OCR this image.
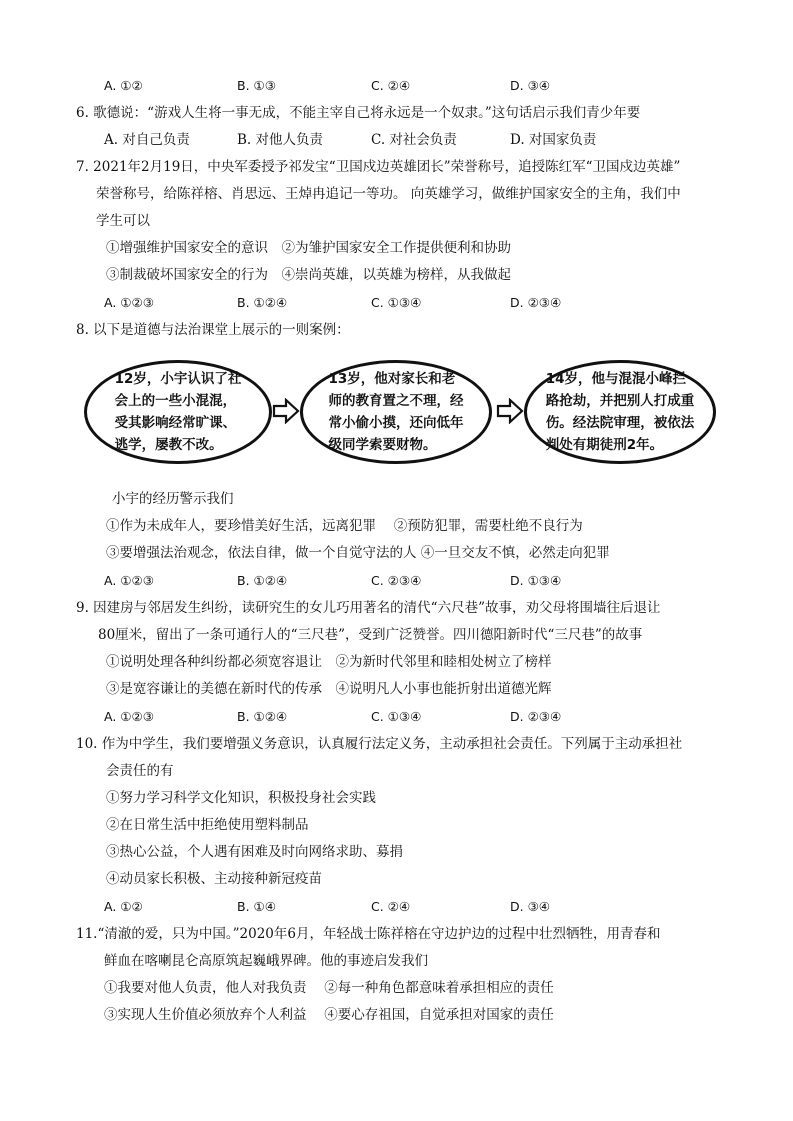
A. ①②	B. ①③	C. ②④	D. ③④
6. 歌德说：“游戏人生将一事无成，不能主宰自己将永远是一个奴隶。”这句话启示我们青少年要
A. 对自己负责	B. 对他人负责	C. 对社会负责	D. 对国家负责
7. 2021年2月19日，中央军委授予祁发宝“卫国戍边英雄团长”荣誉称号，追授陈红军“卫国戍边英雄”
荣誉称号，给陈祥榕、肖思远、王焯冉追记一等功。 向英雄学习，做维护国家安全的主角，我们中
学生可以
①增强维护国家安全的意识　②为雏护国家安全工作提供便利和协助
③制裁破坏国家安全的行为　④崇尚英雄，以英雄为榜样，从我做起
A. ①②③	B. ①②④	C. ①③④	D. ②③④
8. 以下是道德与法治课堂上展示的一则案例：
12岁，小宇认识了社
会上的一些小混混，
受其影响经常旷课、
逃学，屡教不改。
13岁，他对家长和老
师的教育置之不理，经
常小偷小摸，还向低年
级同学索要财物。
14岁，他与混混小峰拦
路抢劫，并把别人打成重
伤。经法院审理，被依法
判处有期徒刑2年。
小宇的经历警示我们
①作为未成年人，要珍惜美好生活，远离犯罪　 ②预防犯罪，需要杜绝不良行为
③要增强法治观念，依法自律，做一个自觉守法的人 ④一旦交友不慎，必然走向犯罪
A. ①②③	B. ①②④	C. ②③④	D. ①③④
9. 因建房与邻居发生纠纷，读研究生的女儿巧用著名的清代“六尺巷”故事，劝父母将围墙往后退让
80厘米，留出了一条可通行人的“三尺巷”，受到广泛赞誉。四川德阳新时代“三尺巷”的故事
①说明处理各种纠纷都必须宽容退让　②为新时代邻里和睦相处树立了榜样
③是宽容谦让的美德在新时代的传承　④说明凡人小事也能折射出道德光辉
A. ①②③	B. ①②④	C. ①③④	D. ②③④
10. 作为中学生，我们要增强义务意识，认真履行法定义务，主动承担社会责任。下列属于主动承担社
会责任的有
①努力学习科学文化知识，积极投身社会实践
②在日常生活中拒绝使用塑料制品
③热心公益，个人遇有困难及时向网络求助、募捐
④动员家长积极、主动接种新冠疫苗
A. ①②	B. ①④	C. ②④	D. ③④
11.“清澈的爱，只为中国。”2020年6月，年轻战士陈祥榕在守边护边的过程中壮烈牺牲，用青春和
鲜血在喀喇昆仑高原筑起巍峨界碑。他的事迹启发我们
①我要对他人负责，他人对我负责　 ②每一种角色都意味着承担相应的责任
③实现人生价值必须放弃个人利益　 ④要心存祖国，自觉承担对国家的责任
